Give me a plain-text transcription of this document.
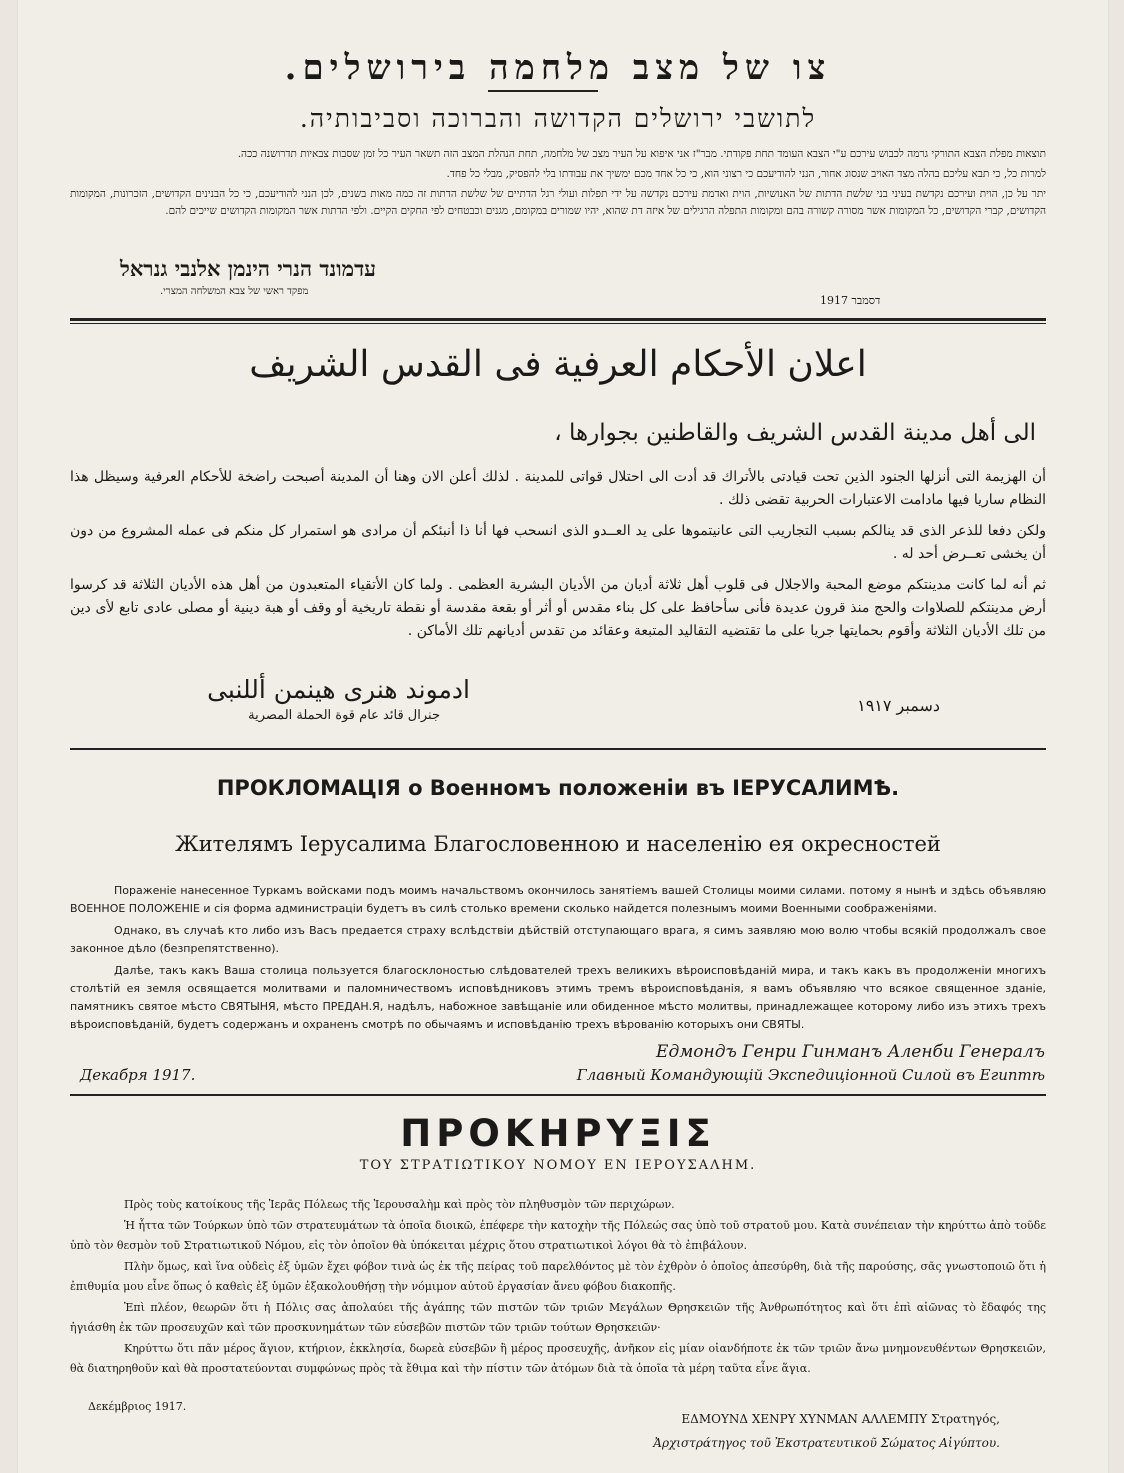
צו של מצב מלחמה בירושלים.
לתושבי ירושלים הקדושה והברוכה וסביבותיה.

תוצאות מפלת הצבא התורקי גרמה לכבוש עירכם ע"י הצבא העומד תחת פקודתי. מבר"ז אני איפוא על העיר מצב של מלחמה, תחת הנהלת המצב הזה תשאר העיר כל זמן שסבות צבאיות תדרושנה ככה.

למרות כל, כי תבא עליכם בהלה מצד האויב שנסוג אחור, הנני להודיעכם כי רצוני הוא, כי כל אחד מכם ימשיך את עבודתו בלי להפסיק, מבלי כל פחד.

יתר על כן, הוית ועירכם נקדשת בעיני בני שלשת הדתות של האנושיות, הוית ואדמת עירכם נקדשה על ידי תפלות ועולי רגל הדתיים של שלשת הדתות זה כמה מאות בשנים, לכן הנני להודיעכם, כי כל הבנינים הקדושים, הזכרונות, המקומות הקדושים, קברי הקדושים, כל המקומות אשר מסורה קשורה בהם ומקומות התפלה הרגילים של איזה דת שהוא, יהיו שמורים במקומם, מגנים וכבטחים לפי החקים הקיים. ולפי הדתות אשר המקומות הקדושים שייכים להם.

עדמונד הנרי הינמן אלנבי גנראל
מפקד ראשי של צבא המשלחה המצרי.
דסמבר 1917
اعلان الأحكام العرفية فى القدس الشريف
الى أهل مدينة القدس الشريف والقاطنين بجوارها ،

أن الهزيمة التى أنزلها الجنود الذين تحت قيادتى بالأتراك قد أدت الى احتلال قواتى للمدينة . لذلك أعلن الان وهنا أن المدينة أصبحت راضخة للأحكام العرفية وسيظل هذا النظام ساريا فيها مادامت الاعتبارات الحربية تقضى ذلك .

ولكن دفعا للذعر الذى قد ينالكم بسبب التجاريب التى عانيتموها على يد العــدو الذى انسحب فها أنا ذا أنبئكم أن مرادى هو استمرار كل منكم فى عمله المشروع من دون أن يخشى تعــرض أحد له .

ثم أنه لما كانت مدينتكم موضع المحبة والاجلال فى قلوب أهل ثلاثة أديان من الأديان البشرية العظمى . ولما كان الأتقياء المتعبدون من أهل هذه الأديان الثلاثة قد كرسوا أرض مدينتكم للصلاوات والحج منذ قرون عديدة فأنى سأحافظ على كل بناء مقدس أو أثر أو بقعة مقدسة أو نقطة تاريخية أو وقف أو هبة دينية أو مصلى عادى تابع لأى دين من تلك الأديان الثلاثة وأقوم بحمايتها جريا على ما تقتضيه التقاليد المتبعة وعقائد من تقدس أديانهم تلك الأماكن .

ادموند هنرى هينمن أللنبى
جنرال قائد عام قوة الحملة المصرية
دسمبر ١٩١٧
ПРОКЛОМАЦІЯ о Военномъ положеніи въ ІЕРУСАЛИМѢ.
Жителямъ Іерусалима Благословенною и населенію ея окресностей

Пораженіе нанесенное Туркамъ войсками подъ моимъ начальствомъ окончилось занятіемъ вашей Столицы моими силами. потому я нынѣ и здѣсь объявляю ВОЕННОЕ ПОЛОЖЕНІЕ и сія форма администраціи будетъ въ силѣ столько времени сколько найдется полезнымъ моими Военными соображеніями.

Однако, въ случаѣ кто либо изъ Васъ предается страху вслѣдствіи дѣйствій отступающаго врага, я симъ заявляю мою волю чтобы всякій продолжалъ свое законное дѣло (безпрепятственно).

Далѣе, такъ какъ Ваша столица пользуется благосклоностью слѣдователей трехъ великихъ вѣроисповѣданій мира, и такъ какъ въ продолженіи многихъ столѣтій ея земля освящается молитвами и паломничествомъ исповѣдниковъ этимъ тремъ вѣроисповѣданія, я вамъ объявляю что всякое священное зданіе, памятникъ святое мѣсто СВЯТЫНЯ, мѣсто ПРЕДАН.Я, надѣлъ, набожное завѣщаніе или обиденное мѣсто молитвы, принадлежащее которому либо изъ этихъ трехъ вѣроисповѣданій, будетъ содержанъ и охраненъ смотрѣ по обычаямъ и исповѣданію трехъ вѣрованію которыхъ они СВЯТЫ.

Едмондъ Генри Гинманъ Аленби Генералъ
Главный Командующій Экспедиціонной Силой въ Египтѣ
Декабря 1917.
ΠΡΟΚΗΡΥΞΙΣ
ΤΟΥ ΣΤΡΑΤΙΩΤΙΚΟΥ ΝΟΜΟΥ ΕΝ ΙΕΡΟΥΣΑΛΗΜ.

Πρὸς τοὺς κατοίκους τῆς Ἱερᾶς Πόλεως τῆς Ἱερουσαλὴμ καὶ πρὸς τὸν πληθυσμὸν τῶν περιχώρων.

Ἡ ἧττα τῶν Τούρκων ὑπὸ τῶν στρατευμάτων τὰ ὁποῖα διοικῶ, ἐπέφερε τὴν κατοχὴν τῆς Πόλεώς σας ὑπὸ τοῦ στρατοῦ μου. Κατὰ συνέπειαν τὴν κηρύττω ἀπὸ τοῦδε ὑπὸ τὸν θεσμὸν τοῦ Στρατιωτικοῦ Νόμου, εἰς τὸν ὁποῖον θὰ ὑπόκειται μέχρις ὅτου στρατιωτικοὶ λόγοι θὰ τὸ ἐπιβάλουν.

Πλὴν ὅμως, καὶ ἵνα οὐδεὶς ἐξ ὑμῶν ἔχει φόβον τινὰ ὡς ἐκ τῆς πείρας τοῦ παρελθόντος μὲ τὸν ἐχθρὸν ὁ ὁποῖος ἀπεσύρθη, διὰ τῆς παρούσης, σᾶς γνωστοποιῶ ὅτι ἡ ἐπιθυμία μου εἶνε ὅπως ὁ καθεὶς ἐξ ὑμῶν ἐξακολουθήσῃ τὴν νόμιμον αὐτοῦ ἐργασίαν ἄνευ φόβου διακοπῆς.

Ἐπὶ πλέον, θεωρῶν ὅτι ἡ Πόλις σας ἀπολαύει τῆς ἀγάπης τῶν πιστῶν τῶν τριῶν Μεγάλων Θρησκειῶν τῆς Ἀνθρωπότητος καὶ ὅτι ἐπὶ αἰῶνας τὸ ἔδαφός της ἡγιάσθη ἐκ τῶν προσευχῶν καὶ τῶν προσκυνημάτων τῶν εὐσεβῶν πιστῶν τῶν τριῶν τούτων Θρησκειῶν·

Κηρύττω ὅτι πᾶν μέρος ἅγιον, κτήριον, ἐκκλησία, δωρεὰ εὐσεβῶν ἢ μέρος προσευχῆς, ἀνῆκον εἰς μίαν οἱανδήποτε ἐκ τῶν τριῶν ἄνω μνημονευθέντων Θρησκειῶν, θὰ διατηρηθοῦν καὶ θὰ προστατεύονται συμφώνως πρὸς τὰ ἔθιμα καὶ τὴν πίστιν τῶν ἀτόμων διὰ τὰ ὁποῖα τὰ μέρη ταῦτα εἶνε ἅγια.

Δεκέμβριος 1917.
ΕΔΜΟΥΝΔ ΧΕΝΡΥ ΧΥΝΜΑΝ ΑΛΛΕΜΠΥ Στρατηγός,
Ἀρχιστράτηγος τοῦ Ἐκστρατευτικοῦ Σώματος Αἰγύπτου.
